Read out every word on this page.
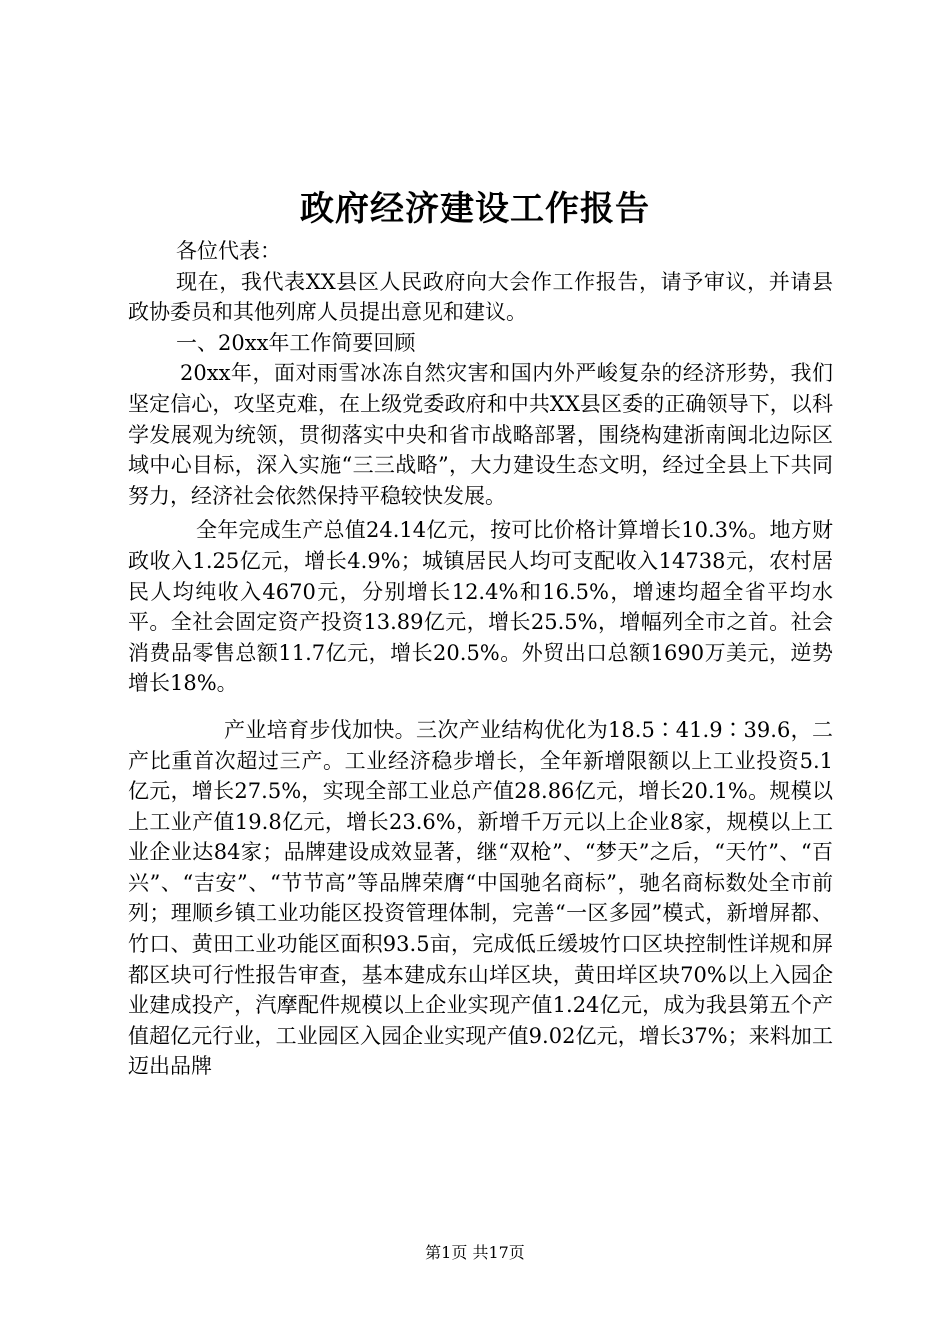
政府经济建设工作报告

各位代表：

现在，我代表XX县区人民政府向大会作工作报告，请予审议，并请县政协委员和其他列席人员提出意见和建议。

一、20xx年工作简要回顾

20xx年，面对雨雪冰冻自然灾害和国内外严峻复杂的经济形势，我们坚定信心，攻坚克难，在上级党委政府和中共XX县区委的正确领导下，以科学发展观为统领，贯彻落实中央和省市战略部署，围绕构建浙南闽北边际区域中心目标，深入实施“三三战略”，大力建设生态文明，经过全县上下共同努力，经济社会依然保持平稳较快发展。

全年完成生产总值24.14亿元，按可比价格计算增长10.3%。地方财政收入1.25亿元，增长4.9%；城镇居民人均可支配收入14738元，农村居民人均纯收入4670元，分别增长12.4%和16.5%，增速均超全省平均水平。全社会固定资产投资13.89亿元，增长25.5%，增幅列全市之首。社会消费品零售总额11.7亿元，增长20.5%。外贸出口总额1690万美元，逆势增长18%。

产业培育步伐加快。三次产业结构优化为18.5∶41.9∶39.6，二产比重首次超过三产。工业经济稳步增长，全年新增限额以上工业投资5.1亿元，增长27.5%，实现全部工业总产值28.86亿元，增长20.1%。规模以上工业产值19.8亿元，增长23.6%，新增千万元以上企业8家，规模以上工业企业达84家；品牌建设成效显著，继“双枪”、“梦天”之后，“天竹”、“百兴”、“吉安”、“节节高”等品牌荣膺“中国驰名商标”，驰名商标数处全市前列；理顺乡镇工业功能区投资管理体制，完善“一区多园”模式，新增屏都、竹口、黄田工业功能区面积93.5亩，完成低丘缓坡竹口区块控制性详规和屏都区块可行性报告审查，基本建成东山垟区块，黄田垟区块70%以上入园企业建成投产，汽摩配件规模以上企业实现产值1.24亿元，成为我县第五个产值超亿元行业，工业园区入园企业实现产值9.02亿元，增长37%；来料加工迈出品牌

第1页 共17页
